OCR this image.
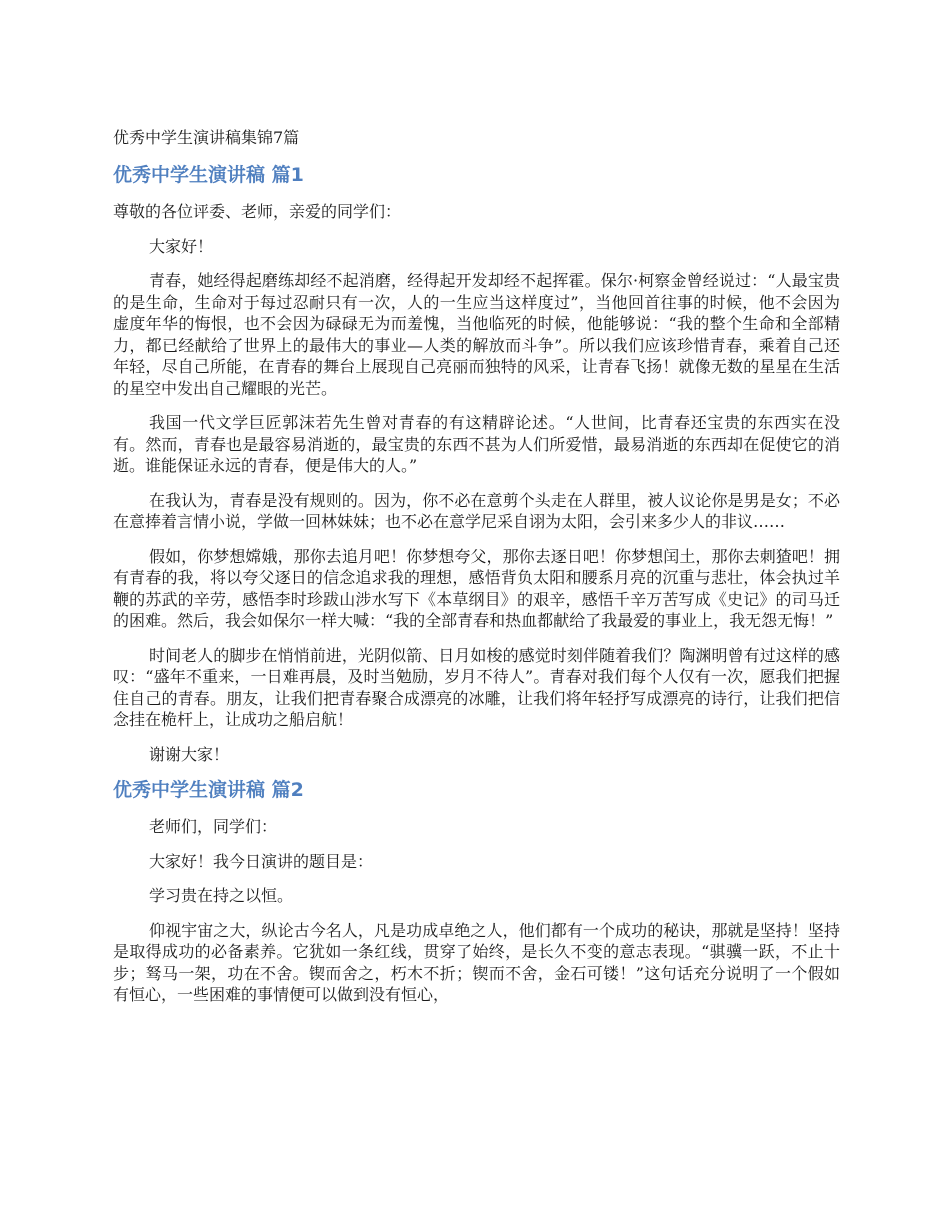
优秀中学生演讲稿集锦7篇
优秀中学生演讲稿 篇1

尊敬的各位评委、老师，亲爱的同学们：

大家好！

青春，她经得起磨练却经不起消磨，经得起开发却经不起挥霍。保尔·柯察金曾经说过：“人最宝贵的是生命，生命对于每过忍耐只有一次，人的一生应当这样度过”，当他回首往事的时候，他不会因为虚度年华的悔恨，也不会因为碌碌无为而羞愧，当他临死的时候，他能够说：“我的整个生命和全部精力，都已经献给了世界上的最伟大的事业—人类的解放而斗争”。所以我们应该珍惜青春，乘着自己还年轻，尽自己所能，在青春的舞台上展现自己亮丽而独特的风采，让青春飞扬！就像无数的星星在生活的星空中发出自己耀眼的光芒。

我国一代文学巨匠郭沫若先生曾对青春的有这精辟论述。“人世间，比青春还宝贵的东西实在没有。然而，青春也是最容易消逝的，最宝贵的东西不甚为人们所爱惜，最易消逝的东西却在促使它的消逝。谁能保证永远的青春，便是伟大的人。”

在我认为，青春是没有规则的。因为，你不必在意剪个头走在人群里，被人议论你是男是女；不必在意捧着言情小说，学做一回林妹妹；也不必在意学尼采自诩为太阳，会引来多少人的非议……

假如，你梦想嫦娥，那你去追月吧！你梦想夸父，那你去逐日吧！你梦想闰土，那你去刺猹吧！拥有青春的我，将以夸父逐日的信念追求我的理想，感悟背负太阳和腰系月亮的沉重与悲壮，体会执过羊鞭的苏武的辛劳，感悟李时珍跋山涉水写下《本草纲目》的艰辛，感悟千辛万苦写成《史记》的司马迁的困难。然后，我会如保尔一样大喊：“我的全部青春和热血都献给了我最爱的事业上，我无怨无悔！”

时间老人的脚步在悄悄前进，光阴似箭、日月如梭的感觉时刻伴随着我们？陶渊明曾有过这样的感叹：“盛年不重来，一日难再晨，及时当勉励，岁月不待人”。青春对我们每个人仅有一次，愿我们把握住自己的青春。朋友，让我们把青春聚合成漂亮的冰雕，让我们将年轻抒写成漂亮的诗行，让我们把信念挂在桅杆上，让成功之船启航！

谢谢大家！

优秀中学生演讲稿 篇2

老师们，同学们：

大家好！我今日演讲的题目是：

学习贵在持之以恒。

仰视宇宙之大，纵论古今名人，凡是功成卓绝之人，他们都有一个成功的秘诀，那就是坚持！坚持是取得成功的必备素养。它犹如一条红线，贯穿了始终，是长久不变的意志表现。“骐骥一跃，不止十步；驽马一架，功在不舍。锲而舍之，朽木不折；锲而不舍，金石可镂！”这句话充分说明了一个假如有恒心，一些困难的事情便可以做到没有恒心，
